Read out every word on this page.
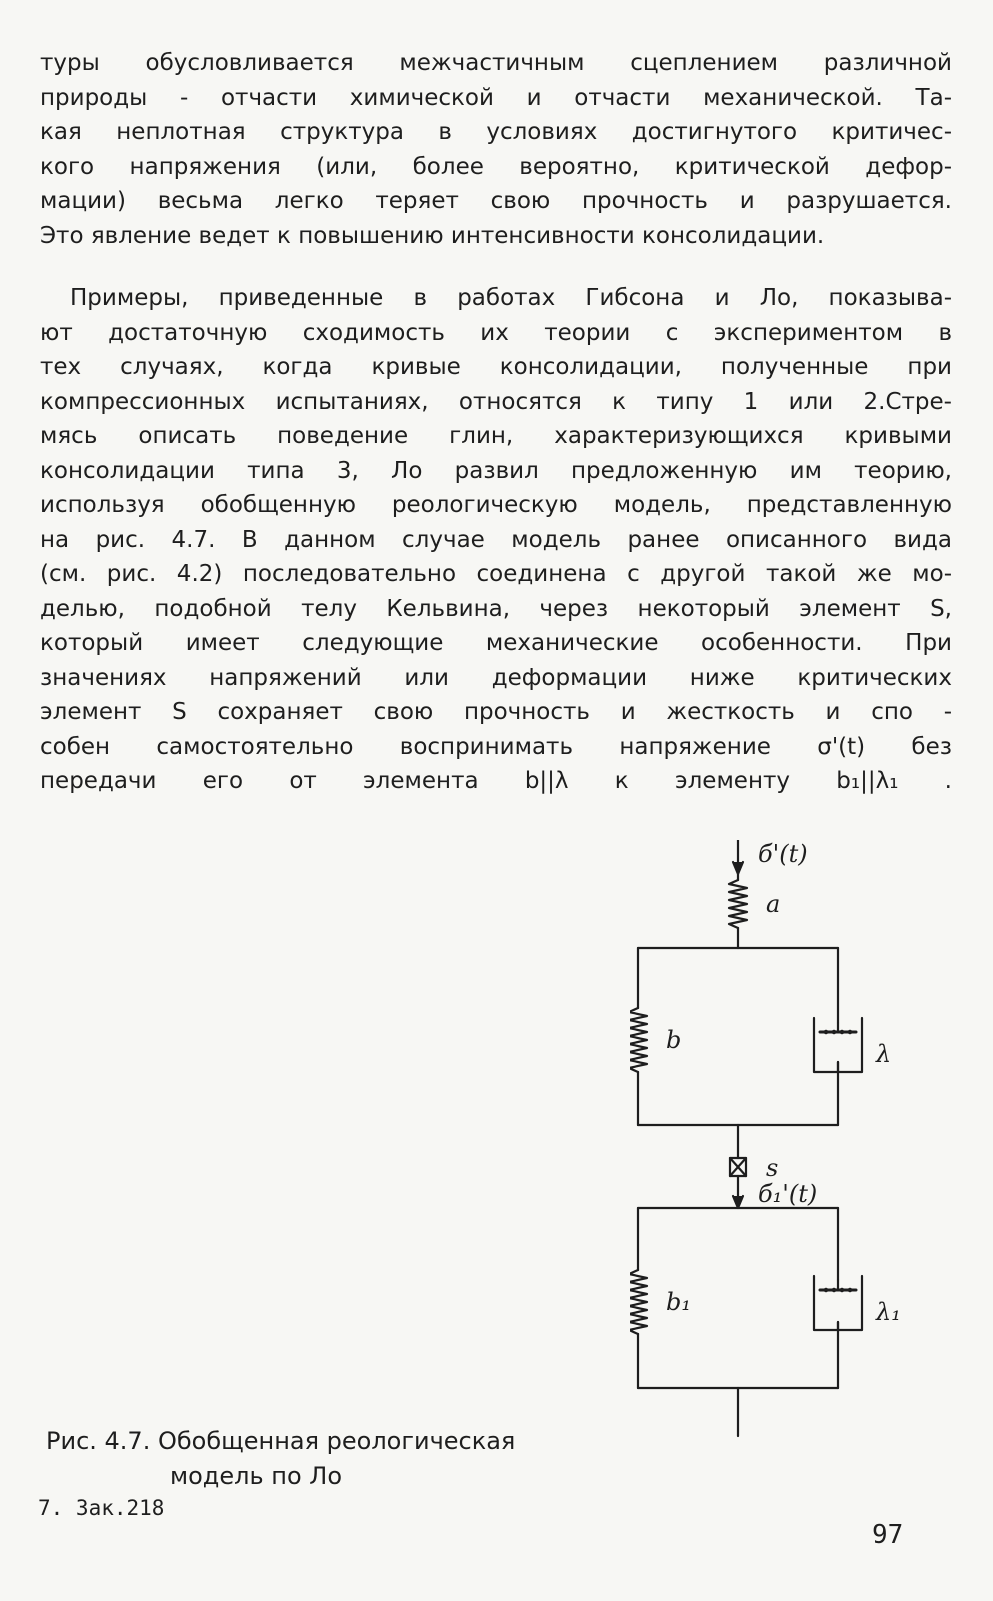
туры обусловливается межчастичным сцеплением различной
природы - отчасти химической и отчасти механической. Та-
кая неплотная структура в условиях достигнутого критичес-
кого напряжения (или, более вероятно, критической дефор-
мации) весьма легко теряет свою прочность и разрушается.
Это явление ведет к повышению интенсивности консолидации.
Примеры, приведенные в работах Гибсона и Ло, показыва-
ют достаточную сходимость их теории с экспериментом в
тех случаях, когда кривые консолидации, полученные при
компрессионных испытаниях, относятся к типу 1 или 2.Стре-
мясь описать поведение глин, характеризующихся кривыми
консолидации типа 3, Ло развил предложенную им теорию,
используя обобщенную реологическую модель, представленную
на рис. 4.7. В данном случае модель ранее описанного вида
(см. рис. 4.2) последовательно соединена с другой такой же мо-
делью, подобной телу Кельвина, через некоторый элемент S,
который имеет следующие механические особенности. При
значениях напряжений или деформации ниже критических
элемент S сохраняет свою прочность и жесткость и спо -
собен самостоятельно воспринимать напряжение σ'(t) без
передачи его от элемента b||λ к элементу b₁||λ₁ .
б'(t)
a
b	λ
s
б₁'(t)
b₁	λ₁
Рис. 4.7. Обобщенная реологическая
модель по Ло
7. Зак.218
97
